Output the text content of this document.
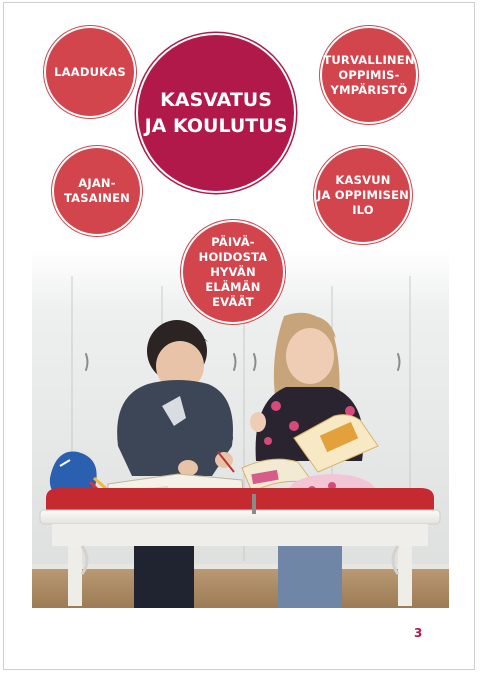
KASVATUS
JA KOULUTUS
LAADUKAS
TURVALLINEN
OPPIMIS-
YMPÄRISTÖ
AJAN-
TASAINEN
KASVUN
JA OPPIMISEN
ILO
PÄIVÄ-
HOIDOSTA
HYVÄN ELÄMÄN
EVÄÄT
3
